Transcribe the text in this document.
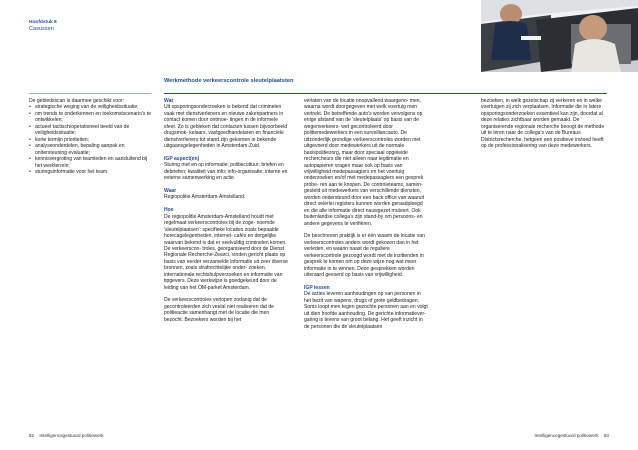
Hoofdstuk 8
Casussen
Werkmethode verkeerscontrole sleutelplaatsten

De gebiedsscan is daarmee geschikt voor:

• strategische weging van de veiligheidssituatie;
• om trends te onderkennen en toekomstscenario's te ontwikkelen;
• actueel tactisch/operationeel beeld van de veiligheidssituatie;
• korte termijn prioriteiten;
• analyseonderdelen, bepaling aanpak en ondersteuning evaluatie;
• kennisvergroting van teamleden en aansluitend bij het werkterrein;
• sturingsinformatie voor het team.

Wat
Uit opsporingsonderzoeken is bekend dat criminelen vaak met dienstverleners en nieuwe zakenpartners in contact komen door ontmoe- tingen in de informele sfeer. Zo is gebleken dat contacten tussen bijvoorbeeld drugsmok- kelaars, vastgoedhandelaren en financiële dienstverleners tot stand zijn gekomen in bekende uitgaansgelegenheden in Amsterdam-Zuid.

IGP aspect(en)
Sturing met en op informatie; politiecultuur; briefen en debriefen; kwaliteit van info; info-organisatie; interne en externe samenwerking en actie.

Waar
Regiopolitie Amsterdam-Amstelland.

Hoe
De regiopolitie Amsterdam-Amstelland houdt met regelmaat verkeerscontroles bij de zoge- noemde 'sleutelplaatsen': specifieke locaties zoals bepaalde horecagelegenheden, internet- cafés en dergelijke waarvan bekend is dat er veelvuldig criminelen komen. De verkeerscon- troles, georganiseerd door de Dienst Regionale Recherche-Zwarci, vinden gericht plaats op basis van eerder verzamelde informatie uit zeer diverse bronnen, zoals strafrechtelijke onder- zoeken, internationale rechtshulpverzoeken en informatie van tipgevers. Deze werkwijze is goedgekeurd door de leiding van het OM-parket Amsterdam.

De verkeerscontroles verlopen zodanig dat de gecontroleerden zich veelal niet realiseren dat de politieactie samenhangt met de locatie die men bezocht. Bezoekers worden bij het

verlaten van de locatie onopvallend waargeno- men, waarna wordt doorgegeven met welk voertuig men vertrekt. De betreffende auto's worden vervolgens op enige afstand van de 'sleutelplaats' op basis van de wegenverkeers- wet gecontroleerd door politiemedewerkers in een surveillancauto. De uitzonderlijk grondige verkeerscontroles worden niet uitgevoerd door medewerkers uit de normale basispolitiezorg, maar door speciaal opgeleide rechercheurs die niet alleen naar legitimatie en autopapieren vragen maar ook op basis van vrijwilligheid medepassagiers en het voertuig onderzoeken en/of met medepassagiers een gesprek probe- ren aan te knopen. De controleteams, samen- gesteld uit medewerkers van verschillende diensten, worden ondersteund door een back office van waaruit direct velerlei registers kunnen worden geraadpleegd en die alle informatie direct nauwgezet muteert. Ook buitenlandse collega's zijn stand-by om persoons- en andere gegevens te verifiëren.

De beschreven praktijk is er één waarin de locatie van verkeerscontroles anders wordt gekozen dan in het verleden, en waarin naast de reguliere verkeerscontrole gezoogd wordt met de inzittenden in gesprek te komen om op deze wijze nog wat meer informatie in te winnen. Deze gesprekken worden uiteraard gevoerd op basis van vrijwilligheid.

IGP lessen
De acties leveren aanhoudingen op van personen in het bezit van wapens, drugs of grote geldbedragen. Soms loopt men tegen gezochte personen aan en volgt uit dien hoofde aanhouding. De gerichte informatiever- garing is tevens van groot belang. Het geeft inzicht in de personen die de sleutelplaatsen

bezoeken, in welk gezelschap zij verkeren en in welke voertuigen zij zich verplaatsen. Informatie die in latere opsporingsonderzoeken essentieel kan zijn, doordat al deze relaties zichtbaar worden gemaakt. De organiserende regionale recherche beoogt de methode uit te leren naar de collega's van de Bureaus Districtsrecherche, hetgeen een positieve invloed heeft op de professionalisering van deze medewerkers.

82 Intelligencegestuurd politiewerk	Intelligencegestuurd politiewerk 83
